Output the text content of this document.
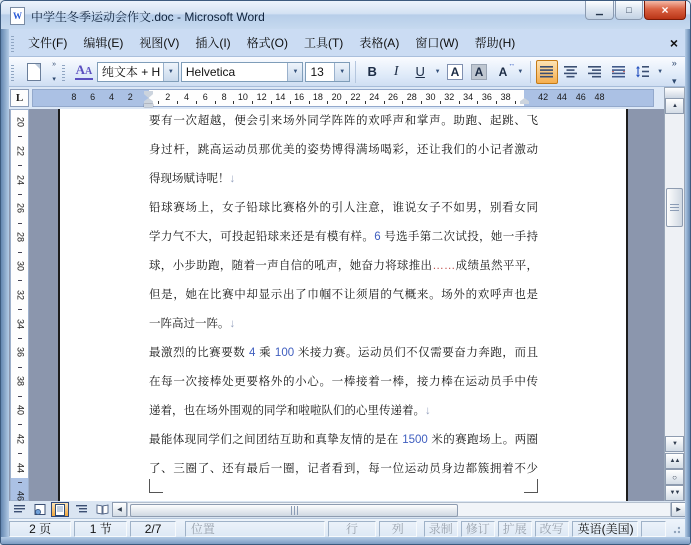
W 中学生冬季运动会作文.doc - Microsoft Word
▁	□	×
文件(F)	编辑(E)	视图(V)	插入(I)	格式(O)	工具(T)	表格(A)	窗口(W)	帮助(H)	×
»
▾
AA 纯文本 + H	▼	Helvetica	▼	13	▼	B	I	U	▼ A	A	A
↔
▼	▼
»
▾
L	8 6 4 2	2 4 6 8 10 12 14 16 18 20 22 24 26 28 30 32 34 36 38	42 44 46 48
20
22
24
26
28
30
32
34
36
38
40
42
44
46
要有一次超越，便会引来场外同学阵阵的欢呼声和掌声。助跑、起跳、飞
身过杆，跳高运动员那优美的姿势博得满场喝彩，还让我们的小记者激动
得现场赋诗呢！↓
铅球赛场上，女子铅球比赛格外的引人注意，谁说女子不如男，别看女同
学力气不大，可投起铅球来还是有模有样。6 号选手第二次试投，她一手持
球，小步助跑，随着一声自信的吼声，她奋力将球推出……成绩虽然平平，
但是，她在比赛中却显示出了巾帼不让须眉的气概来。场外的欢呼声也是
一阵高过一阵。↓
最激烈的比赛要数 4 乘 100 米接力赛。运动员们不仅需要奋力奔跑，而且
在每一次接棒处更要格外的小心。一棒接着一棒，接力棒在运动员手中传
递着，也在场外围观的同学和啦啦队们的心里传递着。↓
最能体现同学们之间团结互助和真挚友情的是在 1500 米的赛跑场上。两圈
了、三圈了、还有最后一圈，记者看到，每一位运动员身边都簇拥着不少
▲
▼
▲▲
○
▼▼
◀	▶
2 页	1 节	2/7	位置	行	列	录制	修订	扩展	改写	英语(美国)
